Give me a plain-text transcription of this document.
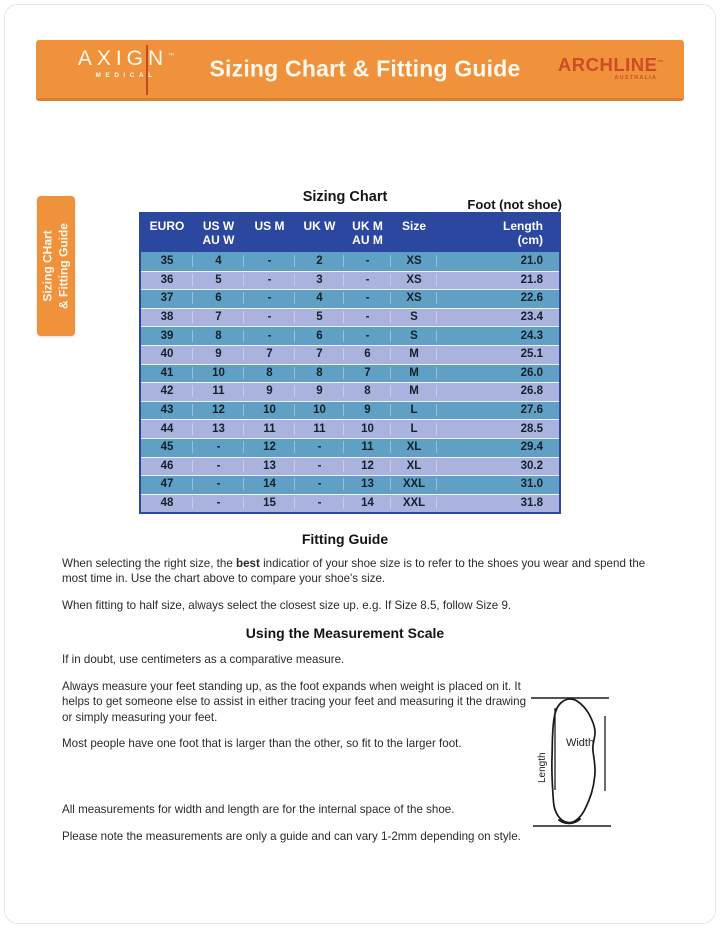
AXIGN™
MEDICAL	Sizing Chart & Fitting Guide ARCHLINE™
AUSTRALIA
Sizing CHart & Fitting Guide
Sizing Chart	Foot (not shoe)
EURO	US W
AU W
US M	UK W	UK M
AU M
Size	Length
(cm)
35	4	-	2	-	XS	21.0
36	5	-	3	-	XS	21.8
37	6	-	4	-	XS	22.6
38	7	-	5	-	S	23.4
39	8	-	6	-	S	24.3
40	9	7	7	6	M	25.1
41	10	8	8	7	M	26.0
42	11	9	9	8	M	26.8
43	12	10	10	9	L	27.6
44	13	11	11	10	L	28.5
45	-	12	-	11	XL	29.4
46	-	13	-	12	XL	30.2
47	-	14	-	13	XXL	31.0
48	-	15	-	14	XXL	31.8
Fitting Guide
When selecting the right size, the best indicatior of your shoe size is to refer to the shoes you wear and spend the most time in. Use the chart above to compare your shoe's size.
When fitting to half size, always select the closest size up. e.g. If Size 8.5, follow Size 9.
Using the Measurement Scale
If in doubt, use centimeters as a comparative measure.
Always measure your feet standing up, as the foot expands when weight is placed on it. It helps to get someone else to assist in either tracing your feet and measuring it the drawing or simply measuring your feet.
Most people have one foot that is larger than the other, so fit to the larger foot.
All measurements for width and length are for the internal space of the shoe.
Please note the measurements are only a guide and can vary 1-2mm depending on style.
Width
Length
